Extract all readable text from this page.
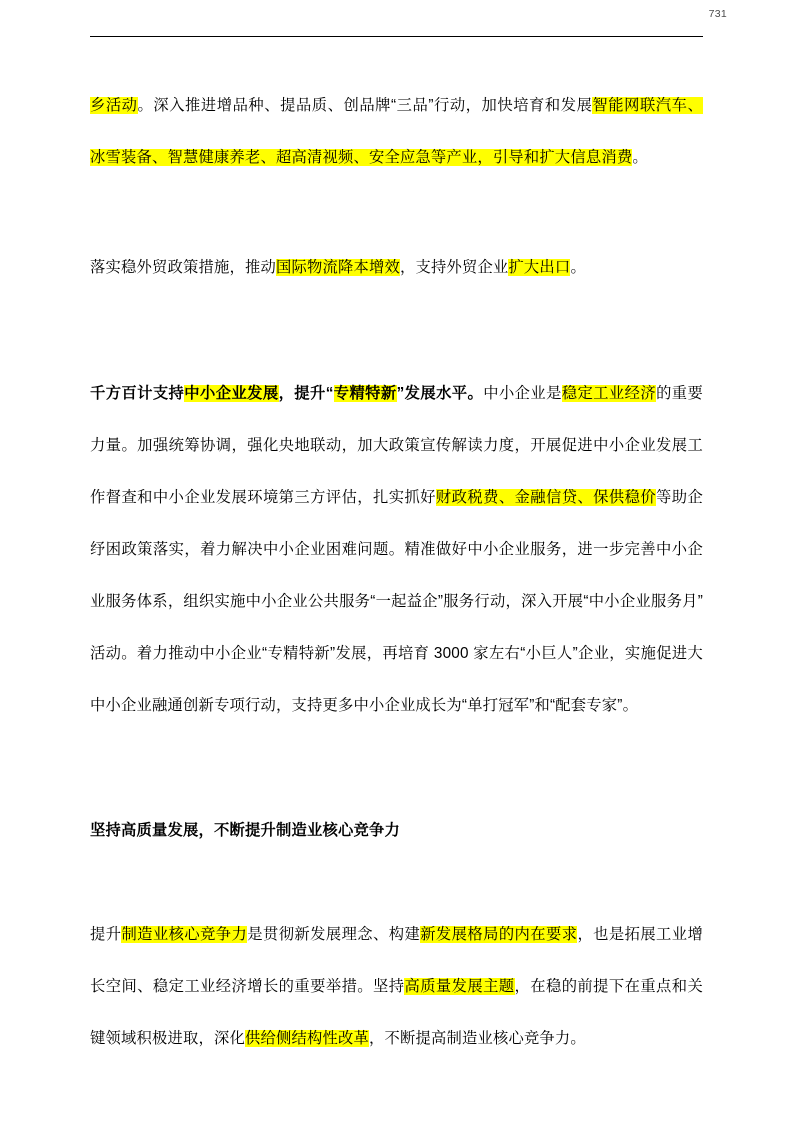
731

乡活动。深入推进增品种、提品质、创品牌“三品”行动，加快培育和发展智能网联汽车、冰雪装备、智慧健康养老、超高清视频、安全应急等产业，引导和扩大信息消费。

落实稳外贸政策措施，推动国际物流降本增效，支持外贸企业扩大出口。

千方百计支持中小企业发展，提升“专精特新”发展水平。中小企业是稳定工业经济的重要力量。加强统筹协调，强化央地联动，加大政策宣传解读力度，开展促进中小企业发展工作督查和中小企业发展环境第三方评估，扎实抓好财政税费、金融信贷、保供稳价等助企纾困政策落实，着力解决中小企业困难问题。精准做好中小企业服务，进一步完善中小企业服务体系，组织实施中小企业公共服务“一起益企”服务行动，深入开展“中小企业服务月”活动。着力推动中小企业“专精特新”发展，再培育 3000 家左右“小巨人”企业，实施促进大中小企业融通创新专项行动，支持更多中小企业成长为“单打冠军”和“配套专家”。

坚持高质量发展，不断提升制造业核心竞争力

提升制造业核心竞争力是贯彻新发展理念、构建新发展格局的内在要求，也是拓展工业增长空间、稳定工业经济增长的重要举措。坚持高质量发展主题，在稳的前提下在重点和关键领域积极进取，深化供给侧结构性改革，不断提高制造业核心竞争力。
